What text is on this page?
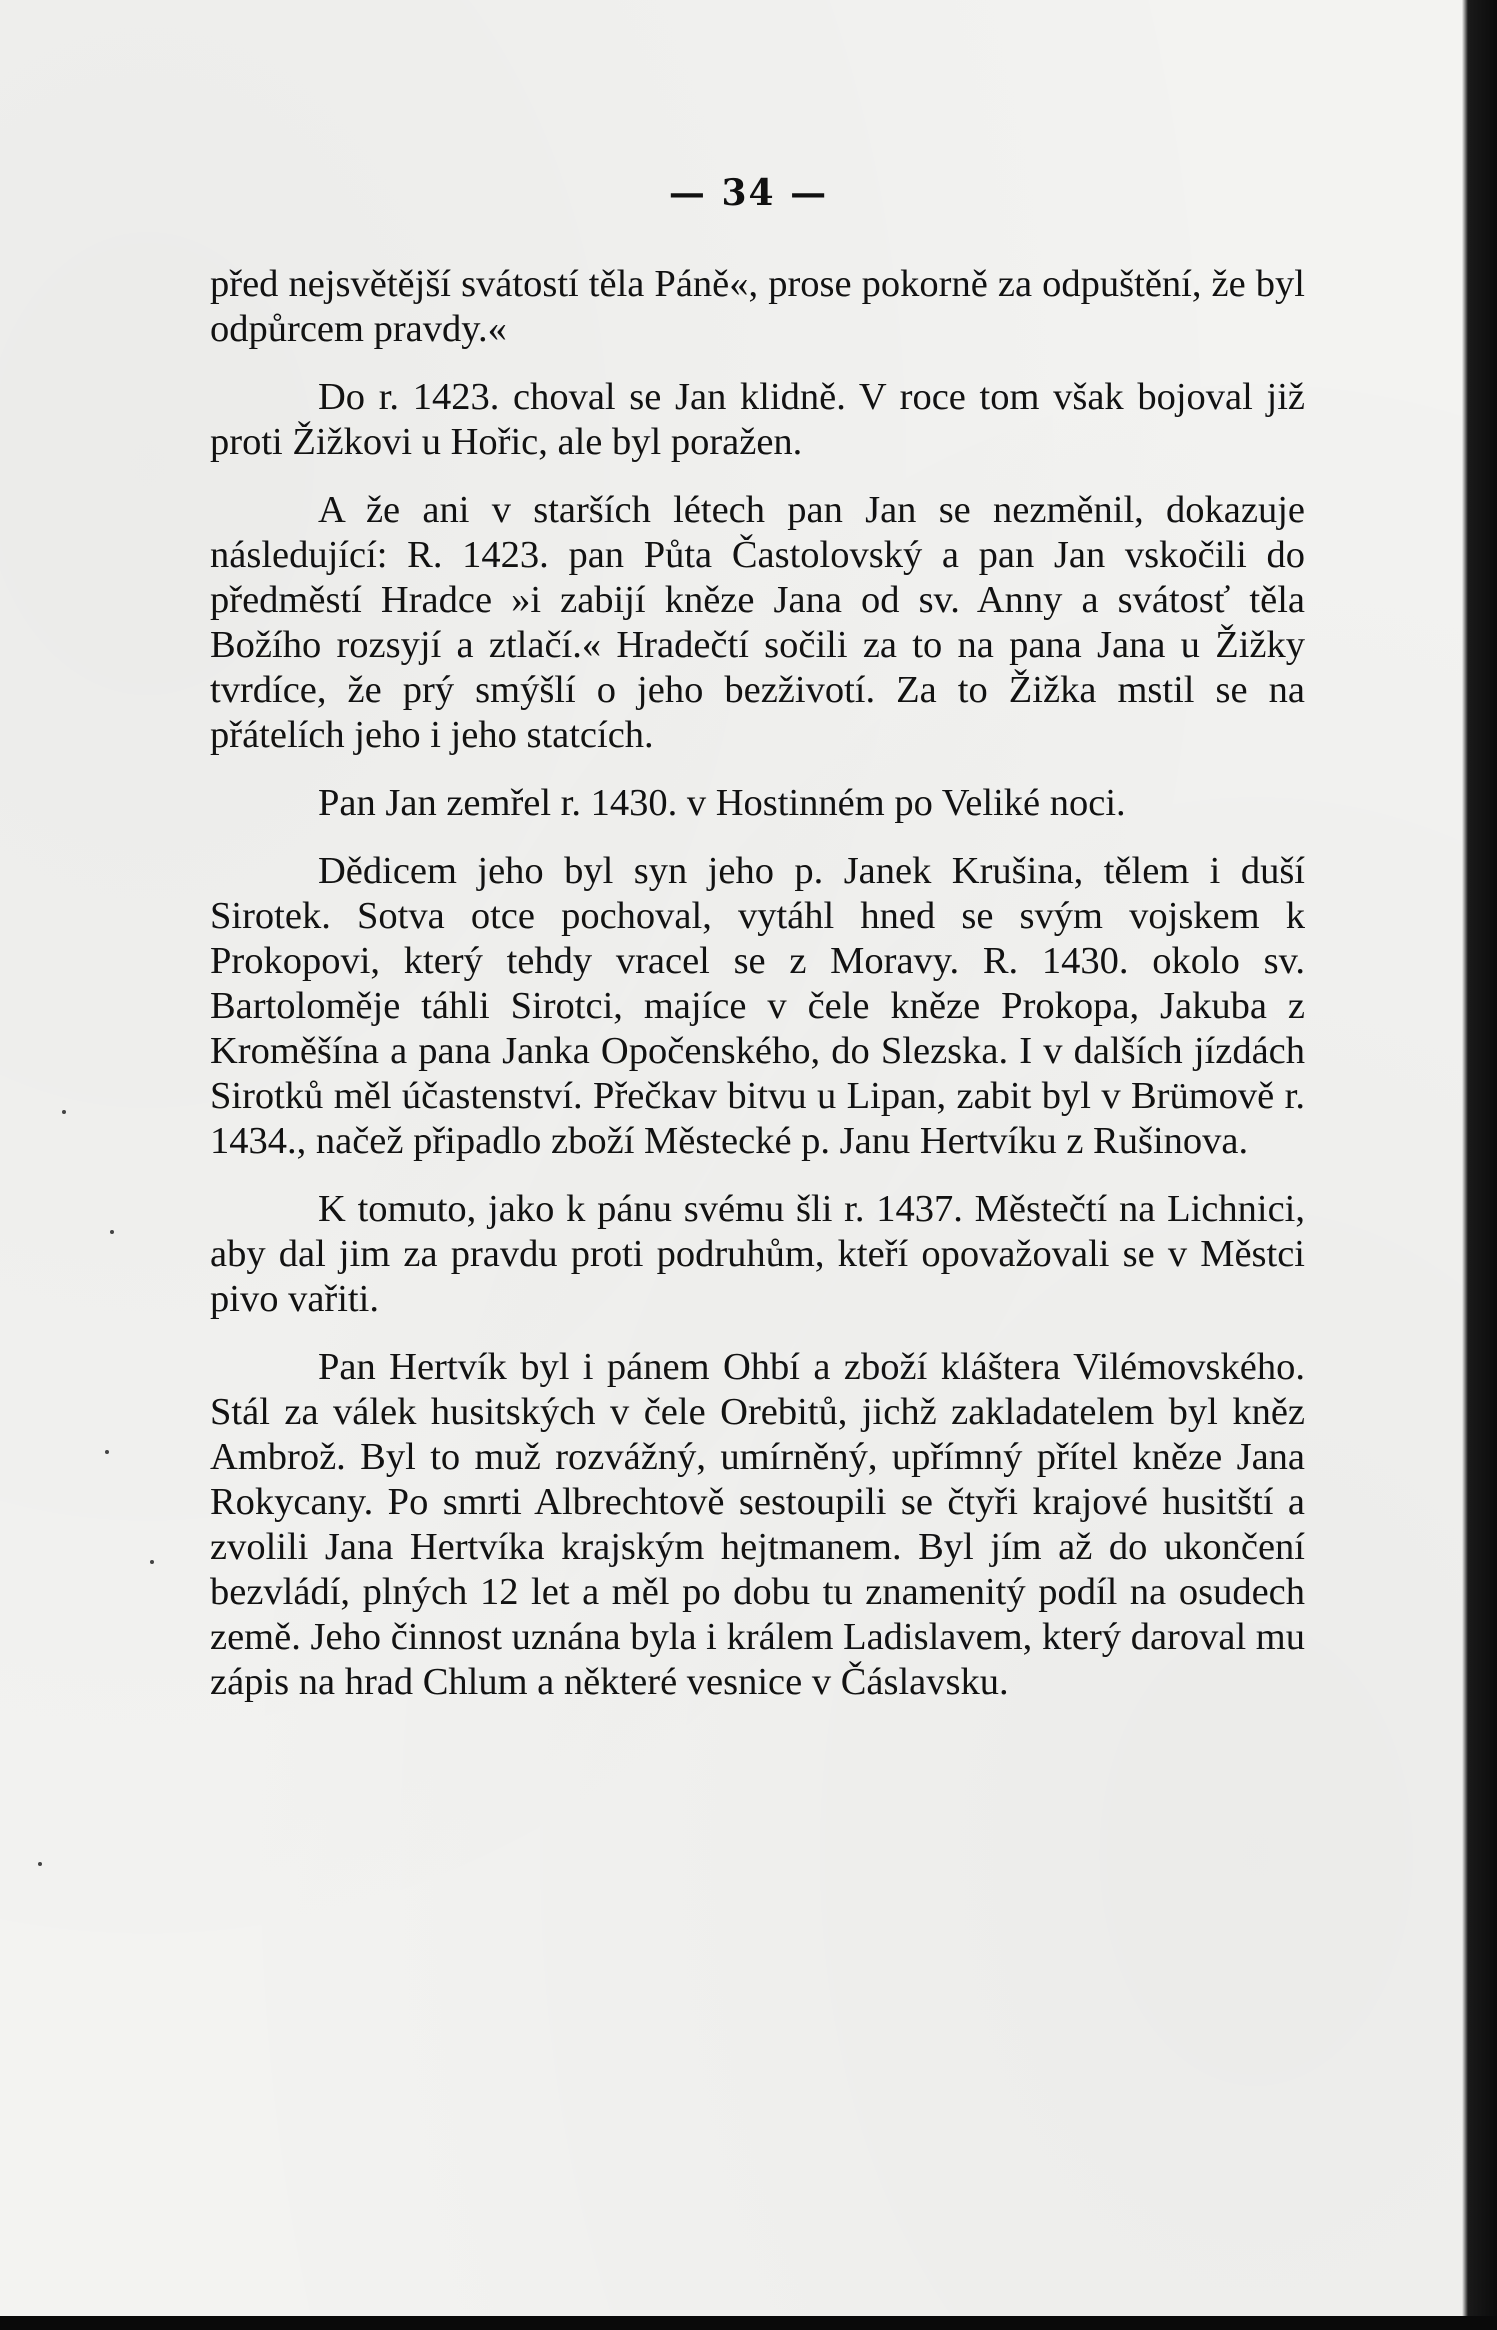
— 34 —

před nejsvětější svátostí těla Páně«, prose pokorně za odpuštění, že byl odpůrcem pravdy.«

Do r. 1423. choval se Jan klidně. V roce tom však bojoval již proti Žižkovi u Hořic, ale byl poražen.

A že ani v starších létech pan Jan se nezměnil, dokazuje následující: R. 1423. pan Půta Častolovský a pan Jan vskočili do předměstí Hradce »i zabijí kněze Jana od sv. Anny a svátosť těla Božího rozsyjí a ztlačí.« Hradečtí sočili za to na pana Jana u Žižky tvrdíce, že prý smýšlí o jeho bezživotí. Za to Žižka mstil se na přátelích jeho i jeho statcích.

Pan Jan zemřel r. 1430. v Hostinném po Veliké noci.

Dědicem jeho byl syn jeho p. Janek Krušina, tělem i duší Sirotek. Sotva otce pochoval, vytáhl hned se svým vojskem k Prokopovi, který tehdy vracel se z Moravy. R. 1430. okolo sv. Bartoloměje táhli Sirotci, majíce v čele kněze Prokopa, Jakuba z Kroměšína a pana Janka Opočenského, do Slezska. I v dalších jízdách Sirotků měl účastenství. Přečkav bitvu u Lipan, zabit byl v Brümově r. 1434., načež připadlo zboží Městecké p. Janu Hertvíku z Rušinova.

K tomuto, jako k pánu svému šli r. 1437. Městečtí na Lichnici, aby dal jim za pravdu proti podruhům, kteří opovažovali se v Městci pivo vařiti.

Pan Hertvík byl i pánem Ohbí a zboží kláštera Vilémovského. Stál za válek husitských v čele Orebitů, jichž zakladatelem byl kněz Ambrož. Byl to muž rozvážný, umírněný, upřímný přítel kněze Jana Rokycany. Po smrti Albrechtově sestoupili se čtyři krajové husitští a zvolili Jana Hertvíka krajským hejtmanem. Byl jím až do ukončení bezvládí, plných 12 let a měl po dobu tu znamenitý podíl na osudech země. Jeho činnost uznána byla i králem Ladislavem, který daroval mu zápis na hrad Chlum a některé vesnice v Čáslavsku.
